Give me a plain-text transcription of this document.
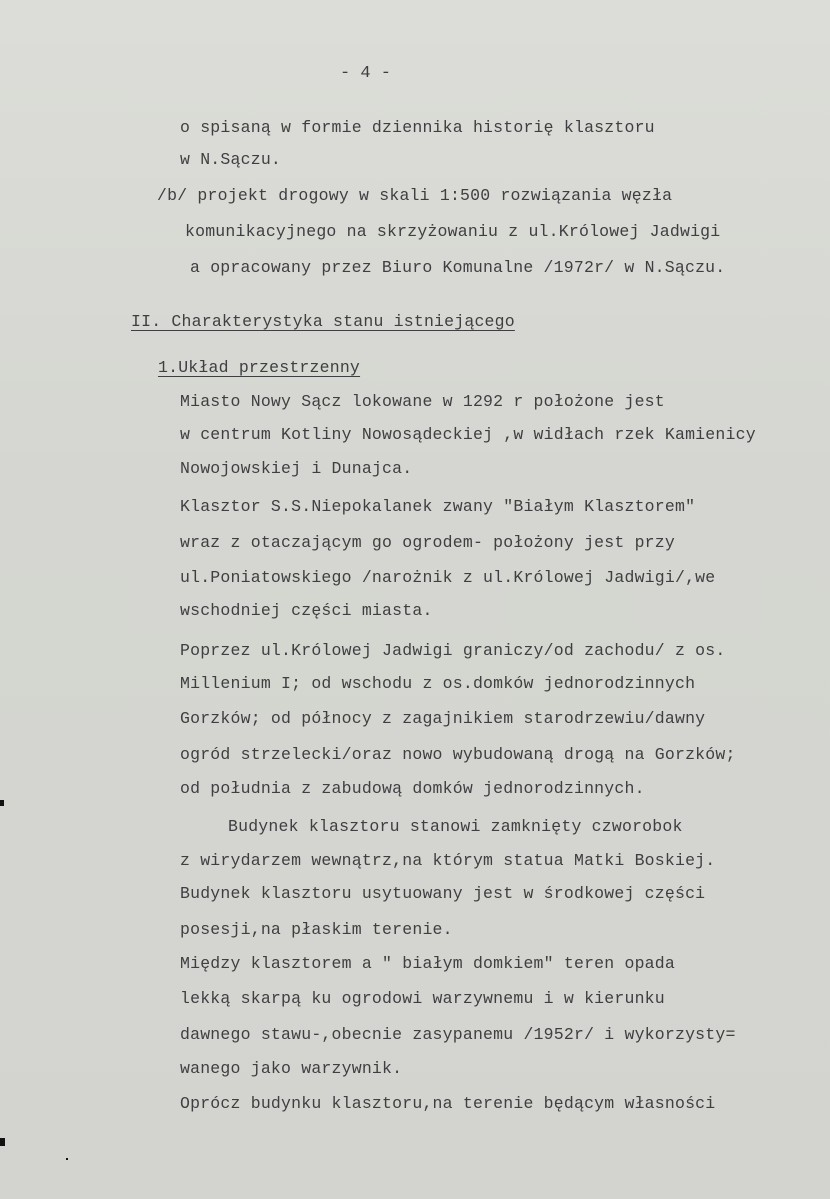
- 4 -
o spisaną w formie dziennika historię klasztoru
w N.Sączu.
/b/ projekt drogowy w skali 1:500 rozwiązania węzła
komunikacyjnego na skrzyżowaniu z ul.Królowej Jadwigi
a opracowany przez Biuro Komunalne /1972r/ w N.Sączu.
II. Charakterystyka stanu istniejącego
1.Układ przestrzenny
Miasto Nowy Sącz lokowane w 1292 r położone jest
w centrum Kotliny Nowosądeckiej ,w widłach rzek Kamienicy
Nowojowskiej i Dunajca.
Klasztor S.S.Niepokalanek zwany "Białym Klasztorem"
wraz z otaczającym go ogrodem- położony jest przy
ul.Poniatowskiego /narożnik z ul.Królowej Jadwigi/,we
wschodniej części miasta.
Poprzez ul.Królowej Jadwigi graniczy/od zachodu/ z os.
Millenium I; od wschodu z os.domków jednorodzinnych
Gorzków; od północy z zagajnikiem starodrzewiu/dawny
ogród strzelecki/oraz nowo wybudowaną drogą na Gorzków;
od południa z zabudową domków jednorodzinnych.
Budynek klasztoru stanowi zamknięty czworobok
z wirydarzem wewnątrz,na którym statua Matki Boskiej.
Budynek klasztoru usytuowany jest w środkowej części
posesji,na płaskim terenie.
Między klasztorem a " białym domkiem" teren opada
lekką skarpą ku ogrodowi warzywnemu i w kierunku
dawnego stawu-,obecnie zasypanemu /1952r/ i wykorzysty=
wanego jako warzywnik.
Oprócz budynku klasztoru,na terenie będącym własności
